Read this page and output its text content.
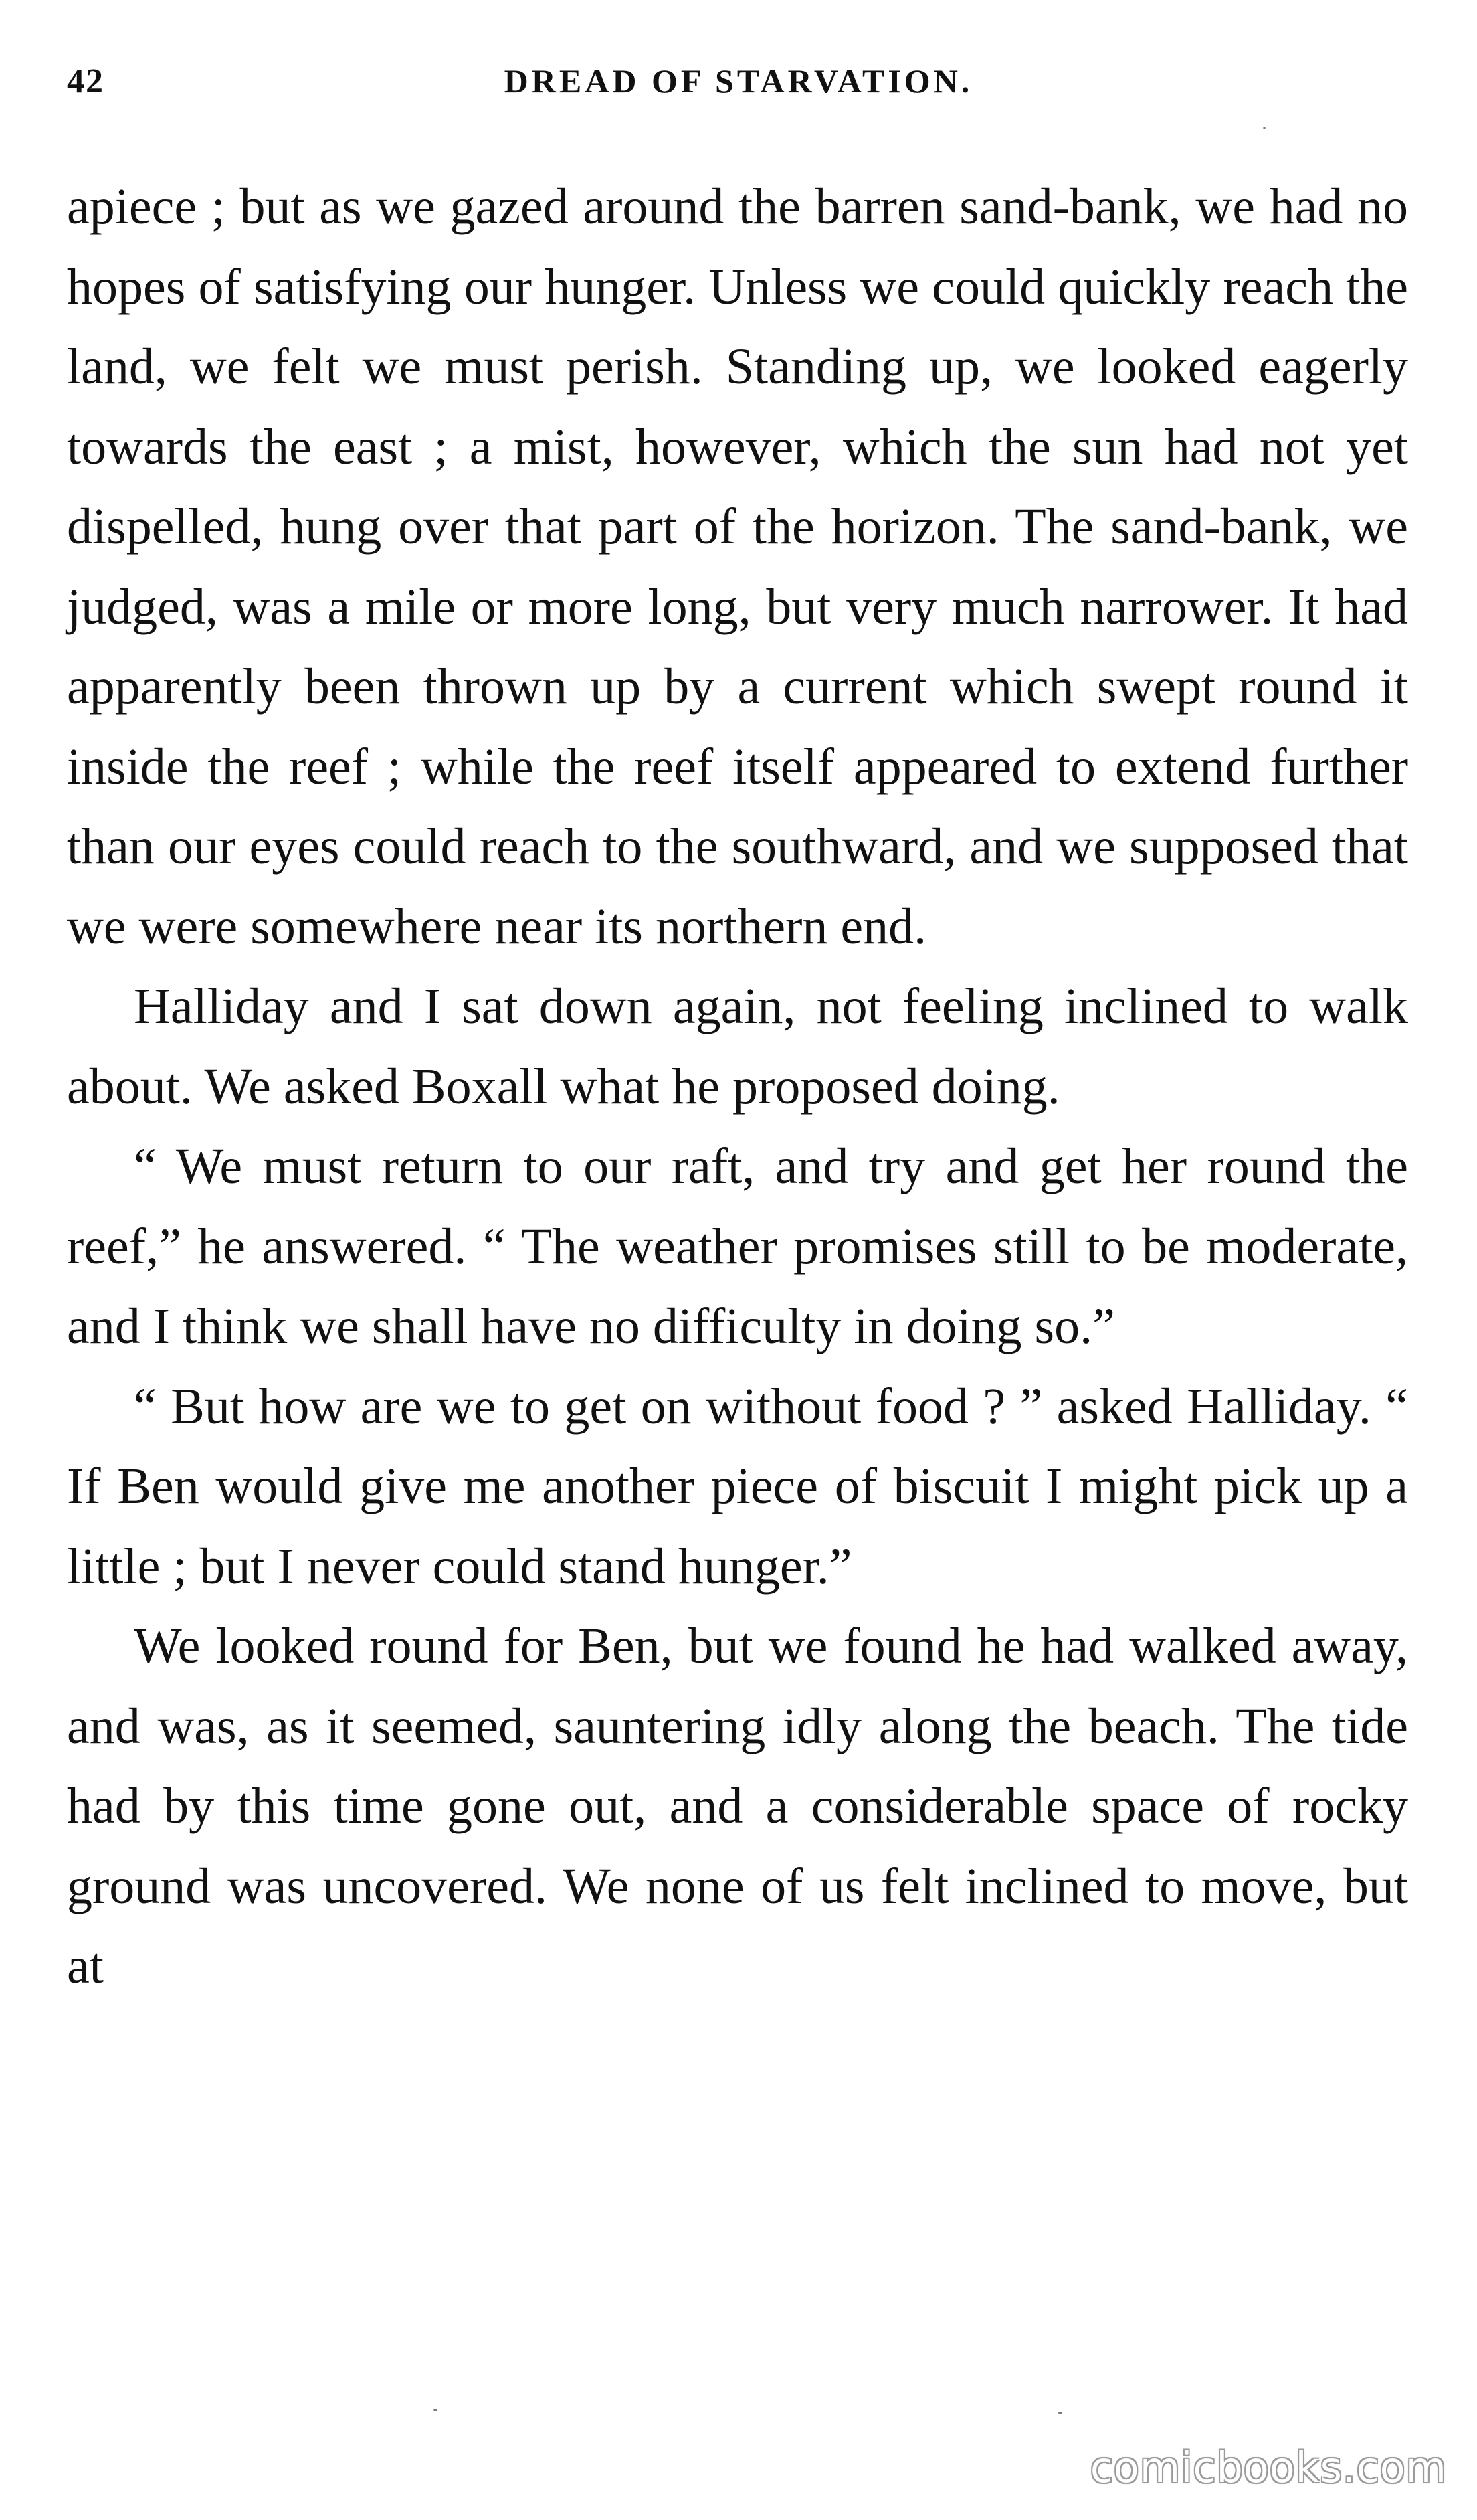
42	DREAD OF STARVATION.

apiece ; but as we gazed around the barren sand-bank, we had no hopes of satisfying our hunger. Unless we could quickly reach the land, we felt we must perish. Standing up, we looked eagerly towards the east ; a mist, however, which the sun had not yet dispelled, hung over that part of the horizon. The sand-bank, we judged, was a mile or more long, but very much narrower. It had apparently been thrown up by a current which swept round it inside the reef ; while the reef itself appeared to extend further than our eyes could reach to the southward, and we supposed that we were somewhere near its northern end.

Halliday and I sat down again, not feeling inclined to walk about. We asked Boxall what he proposed doing.

“ We must return to our raft, and try and get her round the reef,” he answered. “ The weather promises still to be moderate, and I think we shall have no difficulty in doing so.”

“ But how are we to get on without food ? ” asked Halliday. “ If Ben would give me another piece of biscuit I might pick up a little ; but I never could stand hunger.”

We looked round for Ben, but we found he had walked away, and was, as it seemed, sauntering idly along the beach. The tide had by this time gone out, and a considerable space of rocky ground was uncovered. We none of us felt inclined to move, but at

comicbooks.com
